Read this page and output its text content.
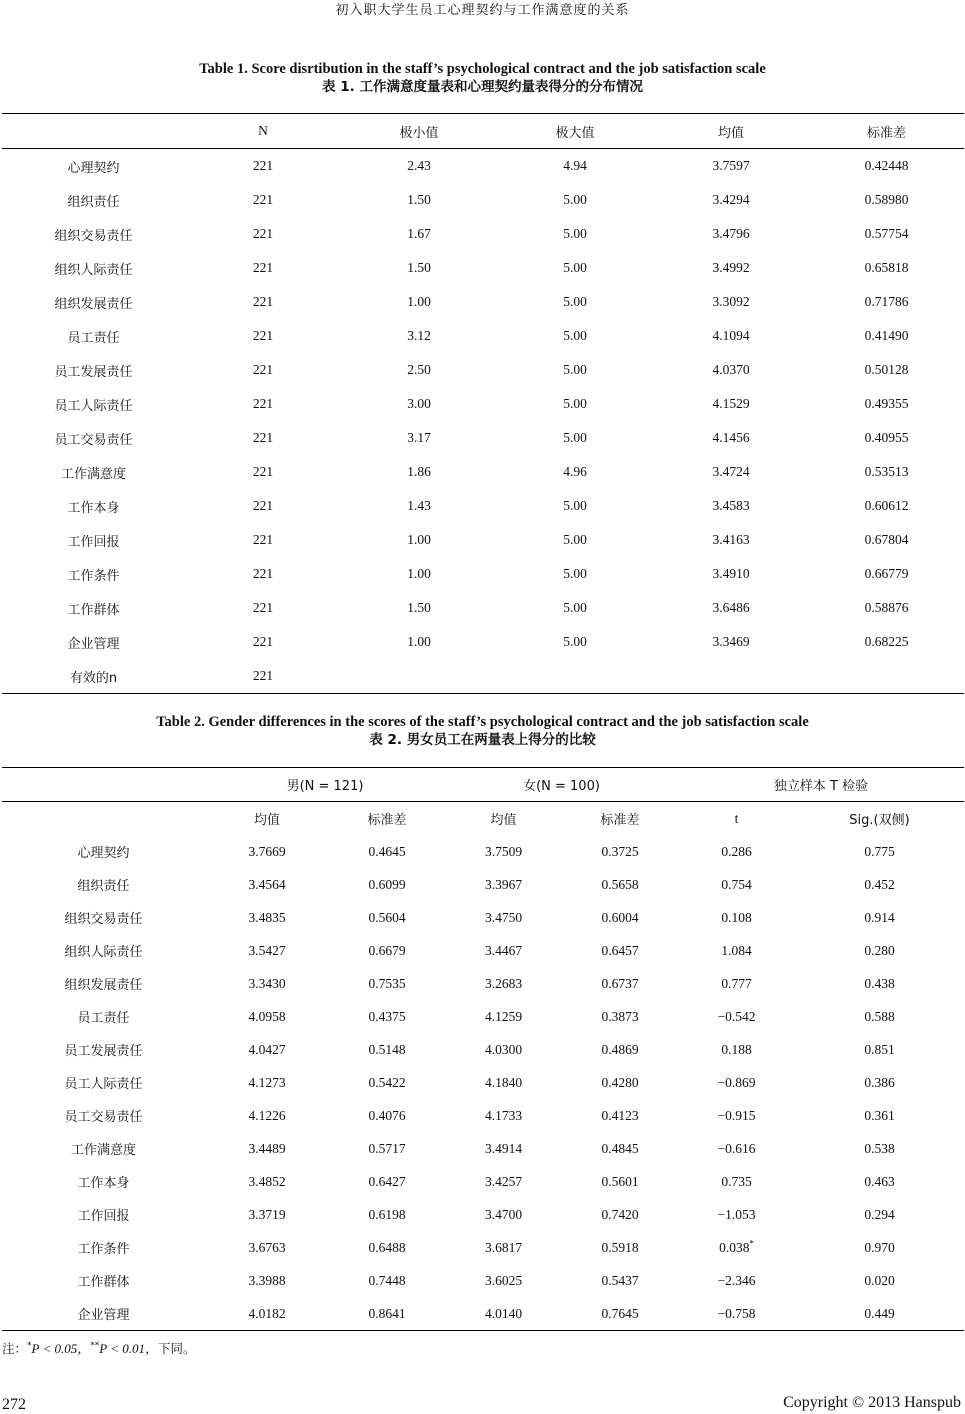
初入职大学生员工心理契约与工作满意度的关系
Table 1. Score disrtibution in the staff’s psychological contract and the job satisfaction scale
表 1. 工作满意度量表和心理契约量表得分的分布情况
	N	极小值	极大值	均值	标准差
心理契约	221	2.43	4.94	3.7597	0.42448
组织责任	221	1.50	5.00	3.4294	0.58980
组织交易责任	221	1.67	5.00	3.4796	0.57754
组织人际责任	221	1.50	5.00	3.4992	0.65818
组织发展责任	221	1.00	5.00	3.3092	0.71786
员工责任	221	3.12	5.00	4.1094	0.41490
员工发展责任	221	2.50	5.00	4.0370	0.50128
员工人际责任	221	3.00	5.00	4.1529	0.49355
员工交易责任	221	3.17	5.00	4.1456	0.40955
工作满意度	221	1.86	4.96	3.4724	0.53513
工作本身	221	1.43	5.00	3.4583	0.60612
工作回报	221	1.00	5.00	3.4163	0.67804
工作条件	221	1.00	5.00	3.4910	0.66779
工作群体	221	1.50	5.00	3.6486	0.58876
企业管理	221	1.00	5.00	3.3469	0.68225
有效的n	221				
Table 2. Gender differences in the scores of the staff’s psychological contract and the job satisfaction scale
表 2. 男女员工在两量表上得分的比较
	男(N = 121)		女(N = 100)		独立样本 T 检验	
	均值	标准差	均值	标准差	t	Sig.(双侧)
心理契约	3.7669	0.4645	3.7509	0.3725	0.286	0.775
组织责任	3.4564	0.6099	3.3967	0.5658	0.754	0.452
组织交易责任	3.4835	0.5604	3.4750	0.6004	0.108	0.914
组织人际责任	3.5427	0.6679	3.4467	0.6457	1.084	0.280
组织发展责任	3.3430	0.7535	3.2683	0.6737	0.777	0.438
员工责任	4.0958	0.4375	4.1259	0.3873	−0.542	0.588
员工发展责任	4.0427	0.5148	4.0300	0.4869	0.188	0.851
员工人际责任	4.1273	0.5422	4.1840	0.4280	−0.869	0.386
员工交易责任	4.1226	0.4076	4.1733	0.4123	−0.915	0.361
工作满意度	3.4489	0.5717	3.4914	0.4845	−0.616	0.538
工作本身	3.4852	0.6427	3.4257	0.5601	0.735	0.463
工作回报	3.3719	0.6198	3.4700	0.7420	−1.053	0.294
工作条件	3.6763	0.6488	3.6817	0.5918	0.038*	0.970
工作群体	3.3988	0.7448	3.6025	0.5437	−2.346	0.020
企业管理	4.0182	0.8641	4.0140	0.7645	−0.758	0.449
注：*P < 0.05，**P < 0.01，下同。
272	Copyright © 2013 Hanspub
